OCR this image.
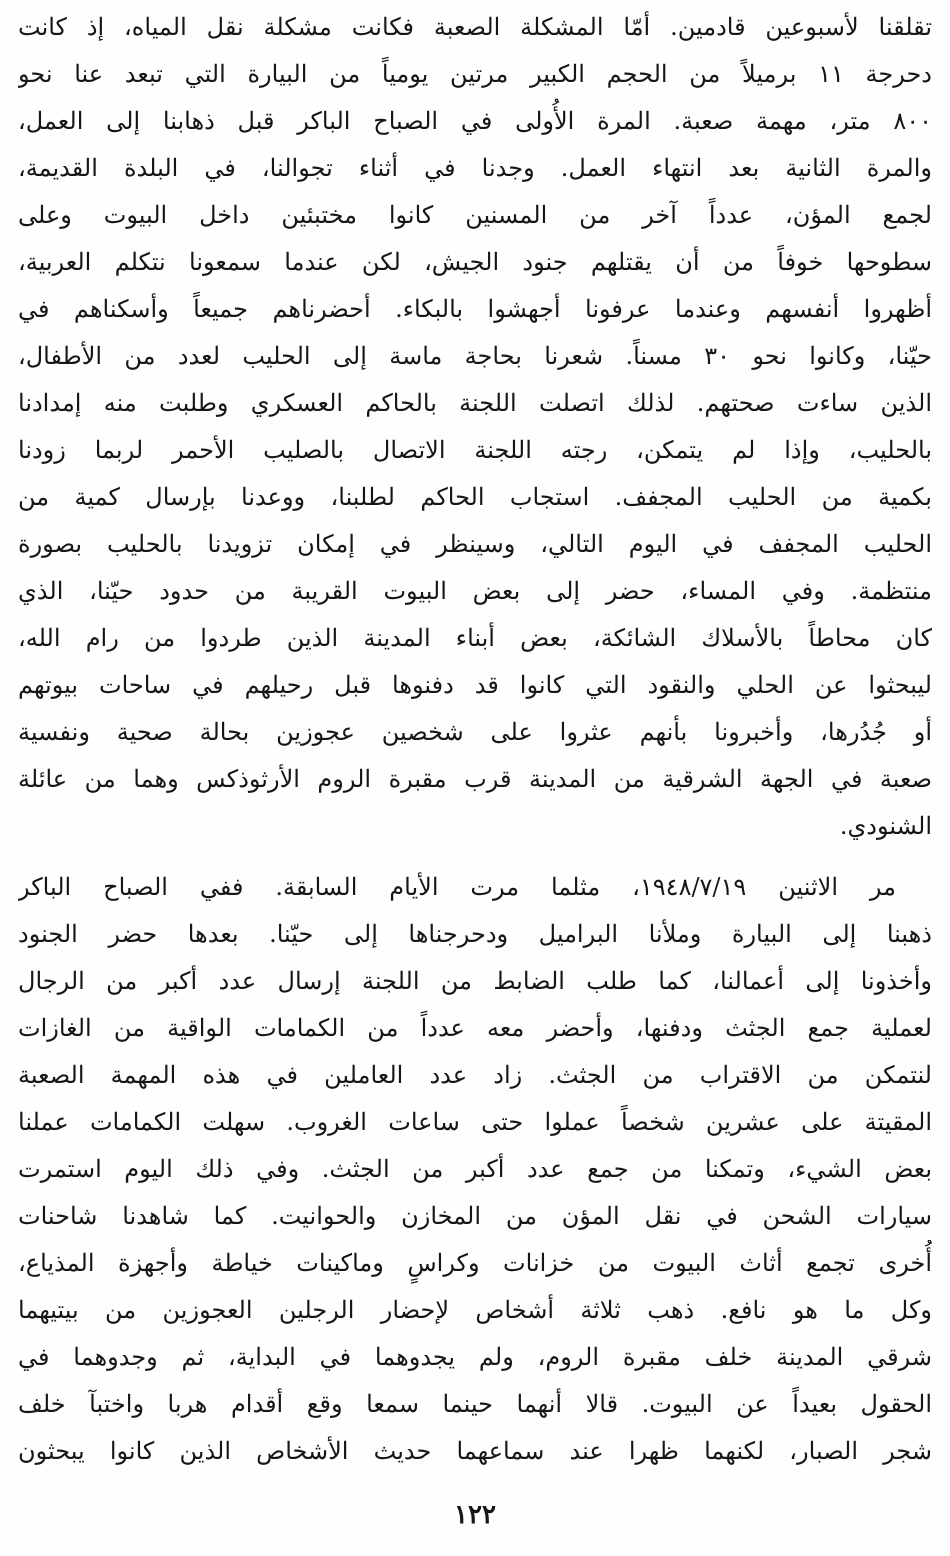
تقلقنا لأسبوعين قادمين. أمّا المشكلة الصعبة فكانت مشكلة نقل المياه، إذ كانت
دحرجة ١١ برميلاً من الحجم الكبير مرتين يومياً من البيارة التي تبعد عنا نحو
٨٠٠ متر، مهمة صعبة. المرة الأُولى في الصباح الباكر قبل ذهابنا إلى العمل،
والمرة الثانية بعد انتهاء العمل. وجدنا في أثناء تجوالنا، في البلدة القديمة،
لجمع المؤن، عدداً آخر من المسنين كانوا مختبئين داخل البيوت وعلى
سطوحها خوفاً من أن يقتلهم جنود الجيش، لكن عندما سمعونا نتكلم العربية،
أظهروا أنفسهم وعندما عرفونا أجهشوا بالبكاء. أحضرناهم جميعاً وأسكناهم في
حيّنا، وكانوا نحو ٣٠ مسناً. شعرنا بحاجة ماسة إلى الحليب لعدد من الأطفال،
الذين ساءت صحتهم. لذلك اتصلت اللجنة بالحاكم العسكري وطلبت منه إمدادنا
بالحليب، وإذا لم يتمكن، رجته اللجنة الاتصال بالصليب الأحمر لربما زودنا
بكمية من الحليب المجفف. استجاب الحاكم لطلبنا، ووعدنا بإرسال كمية من
الحليب المجفف في اليوم التالي، وسينظر في إمكان تزويدنا بالحليب بصورة
منتظمة. وفي المساء، حضر إلى بعض البيوت القريبة من حدود حيّنا، الذي
كان محاطاً بالأسلاك الشائكة، بعض أبناء المدينة الذين طردوا من رام الله،
ليبحثوا عن الحلي والنقود التي كانوا قد دفنوها قبل رحيلهم في ساحات بيوتهم
أو جُدُرها، وأخبرونا بأنهم عثروا على شخصين عجوزين بحالة صحية ونفسية
صعبة في الجهة الشرقية من المدينة قرب مقبرة الروم الأرثوذكس وهما من عائلة
الشنودي.

مر الاثنين ١٩٤٨/٧/١٩، مثلما مرت الأيام السابقة. ففي الصباح الباكر
ذهبنا إلى البيارة وملأنا البراميل ودحرجناها إلى حيّنا. بعدها حضر الجنود
وأخذونا إلى أعمالنا، كما طلب الضابط من اللجنة إرسال عدد أكبر من الرجال
لعملية جمع الجثث ودفنها، وأحضر معه عدداً من الكمامات الواقية من الغازات
لنتمكن من الاقتراب من الجثث. زاد عدد العاملين في هذه المهمة الصعبة
المقيتة على عشرين شخصاً عملوا حتى ساعات الغروب. سهلت الكمامات عملنا
بعض الشيء، وتمكنا من جمع عدد أكبر من الجثث. وفي ذلك اليوم استمرت
سيارات الشحن في نقل المؤن من المخازن والحوانيت. كما شاهدنا شاحنات
أُخرى تجمع أثاث البيوت من خزانات وكراسٍ وماكينات خياطة وأجهزة المذياع،
وكل ما هو نافع. ذهب ثلاثة أشخاص لإحضار الرجلين العجوزين من بيتيهما
شرقي المدينة خلف مقبرة الروم، ولم يجدوهما في البداية، ثم وجدوهما في
الحقول بعيداً عن البيوت. قالا أنهما حينما سمعا وقع أقدام هربا واختبآ خلف
شجر الصبار، لكنهما ظهرا عند سماعهما حديث الأشخاص الذين كانوا يبحثون

١٢٢
